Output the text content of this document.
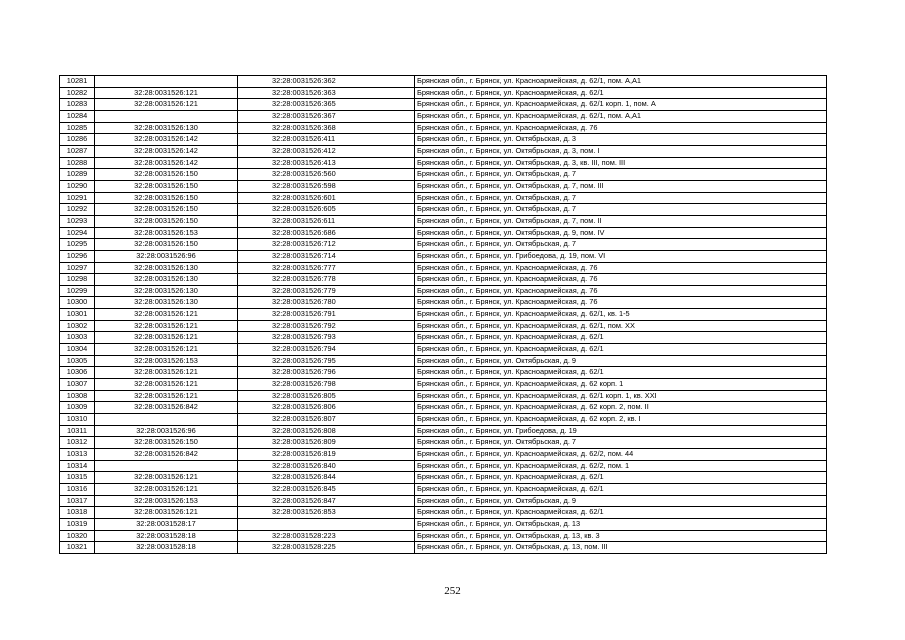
10281		32:28:0031526:362	Брянская обл., г. Брянск, ул. Красноармейская, д. 62/1, пом. А,А1
10282	32:28:0031526:121	32:28:0031526:363	Брянская обл., г. Брянск, ул. Красноармейская, д. 62/1
10283	32:28:0031526:121	32:28:0031526:365	Брянская обл., г. Брянск, ул. Красноармейская, д. 62/1 корп. 1, пом. А
10284		32:28:0031526:367	Брянская обл., г. Брянск, ул. Красноармейская, д. 62/1, пом. А,А1
10285	32:28:0031526:130	32:28:0031526:368	Брянская обл., г. Брянск, ул. Красноармейская, д. 76
10286	32:28:0031526:142	32:28:0031526:411	Брянская обл., г. Брянск, ул. Октябрьская, д. 3
10287	32:28:0031526:142	32:28:0031526:412	Брянская обл., г. Брянск, ул. Октябрьская, д. 3, пом. I
10288	32:28:0031526:142	32:28:0031526:413	Брянская обл., г. Брянск, ул. Октябрьская, д. 3, кв. III, пом. III
10289	32:28:0031526:150	32:28:0031526:560	Брянская обл., г. Брянск, ул. Октябрьская, д. 7
10290	32:28:0031526:150	32:28:0031526:598	Брянская обл., г. Брянск, ул. Октябрьская, д. 7, пом. III
10291	32:28:0031526:150	32:28:0031526:601	Брянская обл., г. Брянск, ул. Октябрьская, д. 7
10292	32:28:0031526:150	32:28:0031526:605	Брянская обл., г. Брянск, ул. Октябрьская, д. 7
10293	32:28:0031526:150	32:28:0031526:611	Брянская обл., г. Брянск, ул. Октябрьская, д. 7, пом. II
10294	32:28:0031526:153	32:28:0031526:686	Брянская обл., г. Брянск, ул. Октябрьская, д. 9, пом. IV
10295	32:28:0031526:150	32:28:0031526:712	Брянская обл., г. Брянск, ул. Октябрьская, д. 7
10296	32:28:0031526:96	32:28:0031526:714	Брянская обл., г. Брянск, ул. Грибоедова, д. 19, пом. VI
10297	32:28:0031526:130	32:28:0031526:777	Брянская обл., г. Брянск, ул. Красноармейская, д. 76
10298	32:28:0031526:130	32:28:0031526:778	Брянская обл., г. Брянск, ул. Красноармейская, д. 76
10299	32:28:0031526:130	32:28:0031526:779	Брянская обл., г. Брянск, ул. Красноармейская, д. 76
10300	32:28:0031526:130	32:28:0031526:780	Брянская обл., г. Брянск, ул. Красноармейская, д. 76
10301	32:28:0031526:121	32:28:0031526:791	Брянская обл., г. Брянск, ул. Красноармейская, д. 62/1, кв. 1-5
10302	32:28:0031526:121	32:28:0031526:792	Брянская обл., г. Брянск, ул. Красноармейская, д. 62/1, пом. XX
10303	32:28:0031526:121	32:28:0031526:793	Брянская обл., г. Брянск, ул. Красноармейская, д. 62/1
10304	32:28:0031526:121	32:28:0031526:794	Брянская обл., г. Брянск, ул. Красноармейская, д. 62/1
10305	32:28:0031526:153	32:28:0031526:795	Брянская обл., г. Брянск, ул. Октябрьская, д. 9
10306	32:28:0031526:121	32:28:0031526:796	Брянская обл., г. Брянск, ул. Красноармейская, д. 62/1
10307	32:28:0031526:121	32:28:0031526:798	Брянская обл., г. Брянск, ул. Красноармейская, д. 62 корп. 1
10308	32:28:0031526:121	32:28:0031526:805	Брянская обл., г. Брянск, ул. Красноармейская, д. 62/1 корп. 1, кв. XXI
10309	32:28:0031526:842	32:28:0031526:806	Брянская обл., г. Брянск, ул. Красноармейская, д. 62 корп. 2, пом. II
10310		32:28:0031526:807	Брянская обл., г. Брянск, ул. Красноармейская, д. 62 корп. 2, кв. I
10311	32:28:0031526:96	32:28:0031526:808	Брянская обл., г. Брянск, ул. Грибоедова, д. 19
10312	32:28:0031526:150	32:28:0031526:809	Брянская обл., г. Брянск, ул. Октябрьская, д. 7
10313	32:28:0031526:842	32:28:0031526:819	Брянская обл., г. Брянск, ул. Красноармейская, д. 62/2, пом. 44
10314		32:28:0031526:840	Брянская обл., г. Брянск, ул. Красноармейская, д. 62/2, пом. 1
10315	32:28:0031526:121	32:28:0031526:844	Брянская обл., г. Брянск, ул. Красноармейская, д. 62/1
10316	32:28:0031526:121	32:28:0031526:845	Брянская обл., г. Брянск, ул. Красноармейская, д. 62/1
10317	32:28:0031526:153	32:28:0031526:847	Брянская обл., г. Брянск, ул. Октябрьская, д. 9
10318	32:28:0031526:121	32:28:0031526:853	Брянская обл., г. Брянск, ул. Красноармейская, д. 62/1
10319	32:28:0031528:17		Брянская обл., г. Брянск, ул. Октябрьская, д. 13
10320	32:28:0031528:18	32:28:0031528:223	Брянская обл., г. Брянск, ул. Октябрьская, д. 13, кв. 3
10321	32:28:0031528:18	32:28:0031528:225	Брянская обл., г. Брянск, ул. Октябрьская, д. 13, пом. III
252
